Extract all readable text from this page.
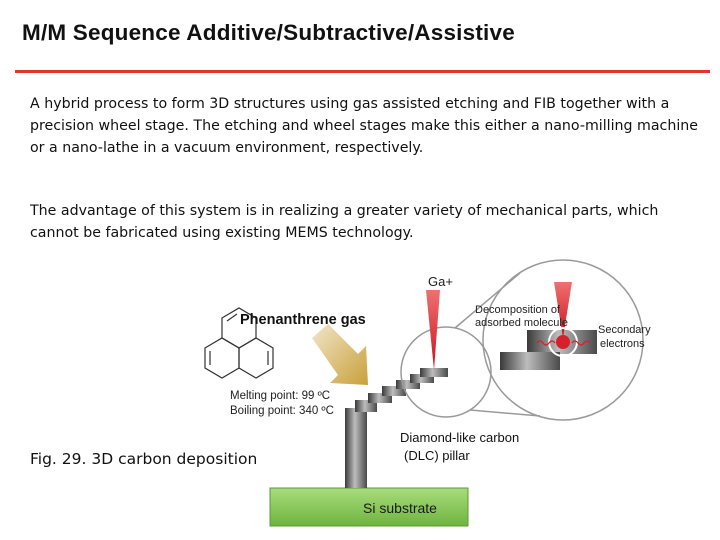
M/M Sequence Additive/Subtractive/Assistive
A hybrid process to form 3D structures using gas assisted etching and FIB together with a precision wheel stage. The etching and wheel stages make this either a nano-milling machine or a nano-lathe in a vacuum environment, respectively.
The advantage of this system is in realizing a greater variety of mechanical parts, which cannot be fabricated using existing MEMS technology.
Si substrate
Ga+
Decomposition of
adsorbed molecule
Secondary
electrons
Phenanthrene gas
Melting point: 99 ºC
Boiling point: 340 ºC
Diamond-like carbon
(DLC) pillar
Fig. 29. 3D carbon deposition
